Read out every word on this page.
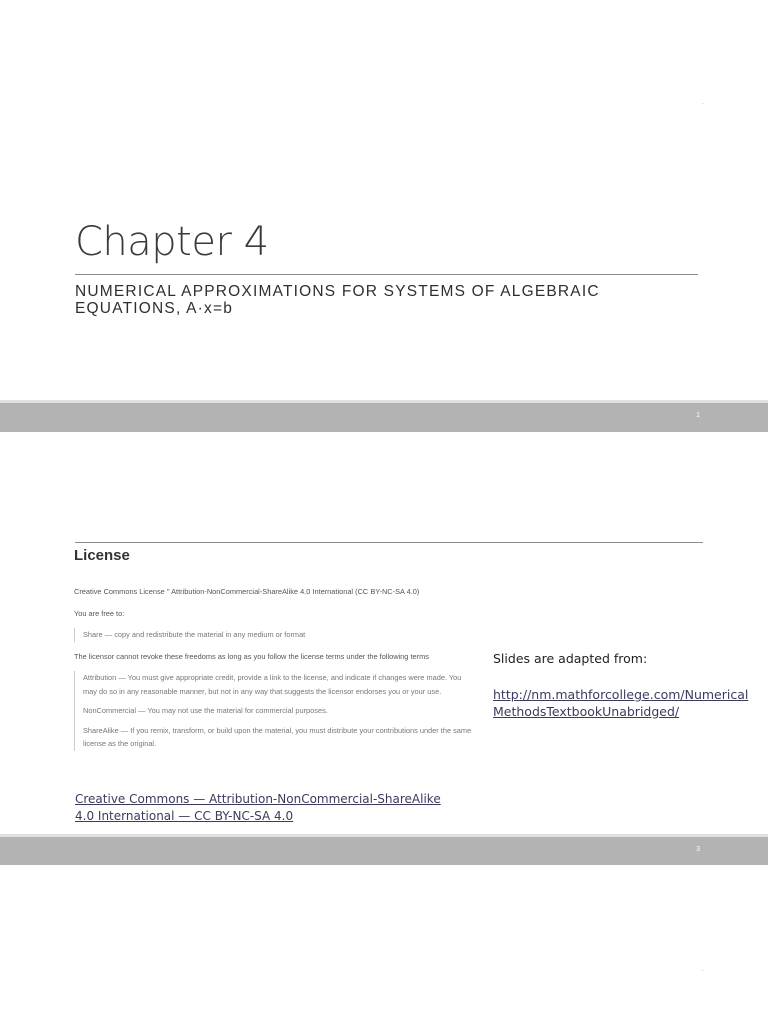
.
Chapter 4
NUMERICAL APPROXIMATIONS FOR SYSTEMS OF ALGEBRAIC EQUATIONS, A·x=b
1
License

Creative Commons License " Attribution-NonCommercial-ShareAlike 4.0 International (CC BY-NC-SA 4.0)

You are free to:

Share — copy and redistribute the material in any medium or format

The licensor cannot revoke these freedoms as long as you follow the license terms under the following terms

Attribution — You must give appropriate credit, provide a link to the license, and indicate if changes were made. You may do so in any reasonable manner, but not in any way that suggests the licensor endorses you or your use.

NonCommercial — You may not use the material for commercial purposes.

ShareAlike — If you remix, transform, or build upon the material, you must distribute your contributions under the same license as the original.

Creative Commons — Attribution-NonCommercial-ShareAlike 4.0 International — CC BY-NC-SA 4.0
Slides are adapted from:
http://nm.mathforcollege.com/NumericalMethodsTextbookUnabridged/
3
.
